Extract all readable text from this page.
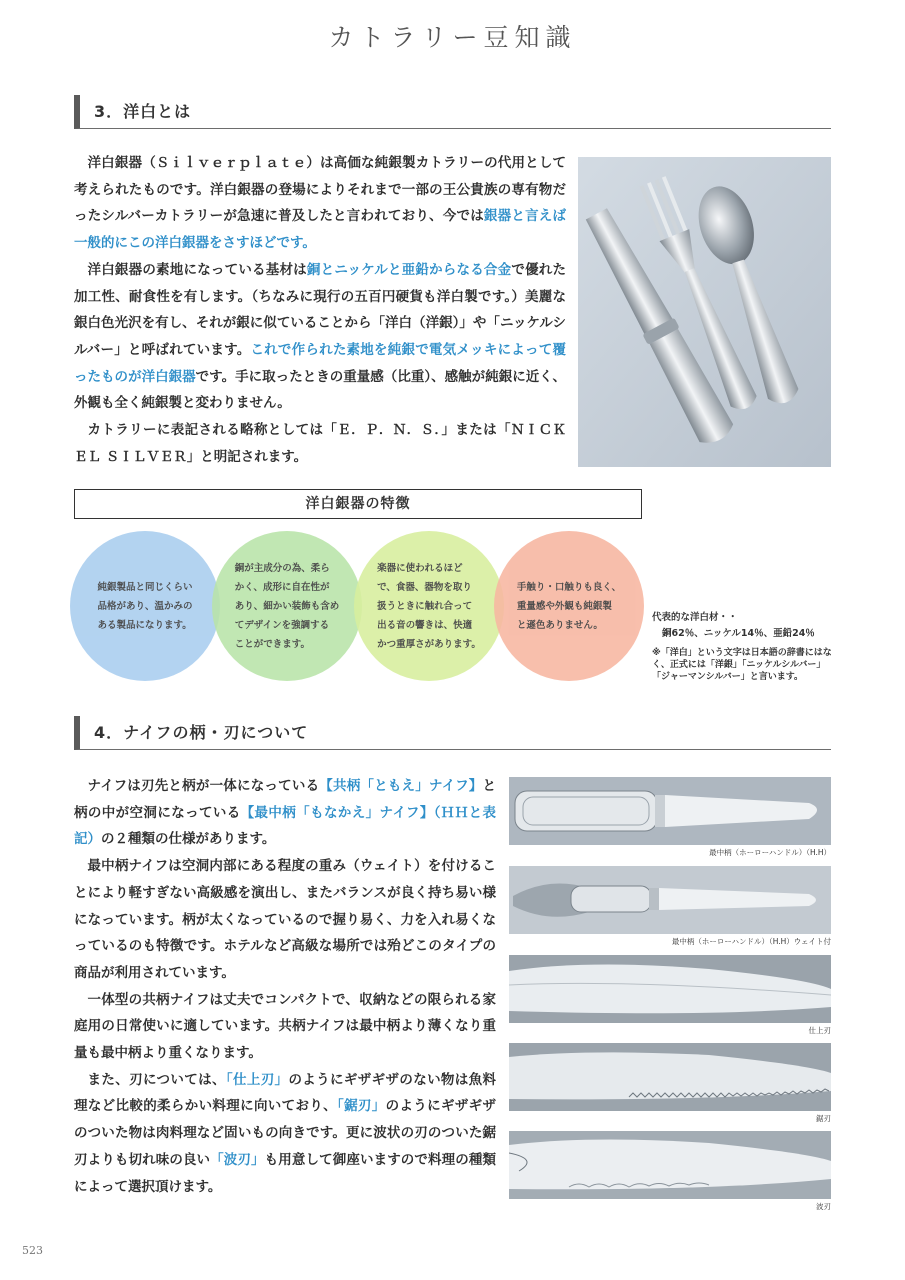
カトラリー豆知識
3．洋白とは

洋白銀器（Ｓｉｌｖｅｒｐｌａｔｅ）は高価な純銀製カトラリーの代用として考えられたものです。洋白銀器の登場によりそれまで一部の王公貴族の専有物だったシルバーカトラリーが急速に普及したと言われており、今では銀器と言えば一般的にこの洋白銀器をさすほどです。

洋白銀器の素地になっている基材は銅とニッケルと亜鉛からなる合金で優れた加工性、耐食性を有します。（ちなみに現行の五百円硬貨も洋白製です。）美麗な銀白色光沢を有し、それが銀に似ていることから「洋白（洋銀）」や「ニッケルシルバー」と呼ばれています。これで作られた素地を純銀で電気メッキによって覆ったものが洋白銀器です。手に取ったときの重量感（比重）、感触が純銀に近く、外観も全く純銀製と変わりません。

カトラリーに表記される略称としては「Ｅ．Ｐ．Ｎ．Ｓ．」または「ＮＩＣＫＥＬ ＳＩＬＶＥＲ」と明記されます。

洋白銀器の特徴
純銀製品と同じくらい
品格があり、温かみの
ある製品になります。
銅が主成分の為、柔ら
かく、成形に自在性が
あり、細かい装飾も含め
てデザインを強調する
ことができます。
楽器に使われるほど
で、食器、器物を取り
扱うときに触れ合って
出る音の響きは、快適
かつ重厚さがあります。
手触り・口触りも良く、
重量感や外観も純銀製
と遜色ありません。
代表的な洋白材・・
銅62％、ニッケル14％、亜鉛24％
※「洋白」という文字は日本語の辞書にはなく、正式には「洋銀」「ニッケルシルバー」「ジャーマンシルバー」と言います。
4．ナイフの柄・刃について

ナイフは刃先と柄が一体になっている【共柄「ともえ」ナイフ】と柄の中が空洞になっている【最中柄「もなかえ」ナイフ】（ＨＨと表記）の２種類の仕様があります。

最中柄ナイフは空洞内部にある程度の重み（ウェイト）を付けることにより軽すぎない高級感を演出し、またバランスが良く持ち易い様になっています。柄が太くなっているので握り易く、力を入れ易くなっているのも特徴です。ホテルなど高級な場所では殆どこのタイプの商品が利用されています。

一体型の共柄ナイフは丈夫でコンパクトで、収納などの限られる家庭用の日常使いに適しています。共柄ナイフは最中柄より薄くなり重量も最中柄より重くなります。

また、刃については、「仕上刃」のようにギザギザのない物は魚料理など比較的柔らかい料理に向いており、「鋸刃」のようにギザギザのついた物は肉料理など固いもの向きです。更に波状の刃のついた鋸刃よりも切れ味の良い「波刃」も用意して御座いますので料理の種類によって選択頂けます。

最中柄（ホーローハンドル）（H.H）
最中柄（ホーローハンドル）（H.H）ウェイト付
仕上刃
鋸刃
波刃
523
